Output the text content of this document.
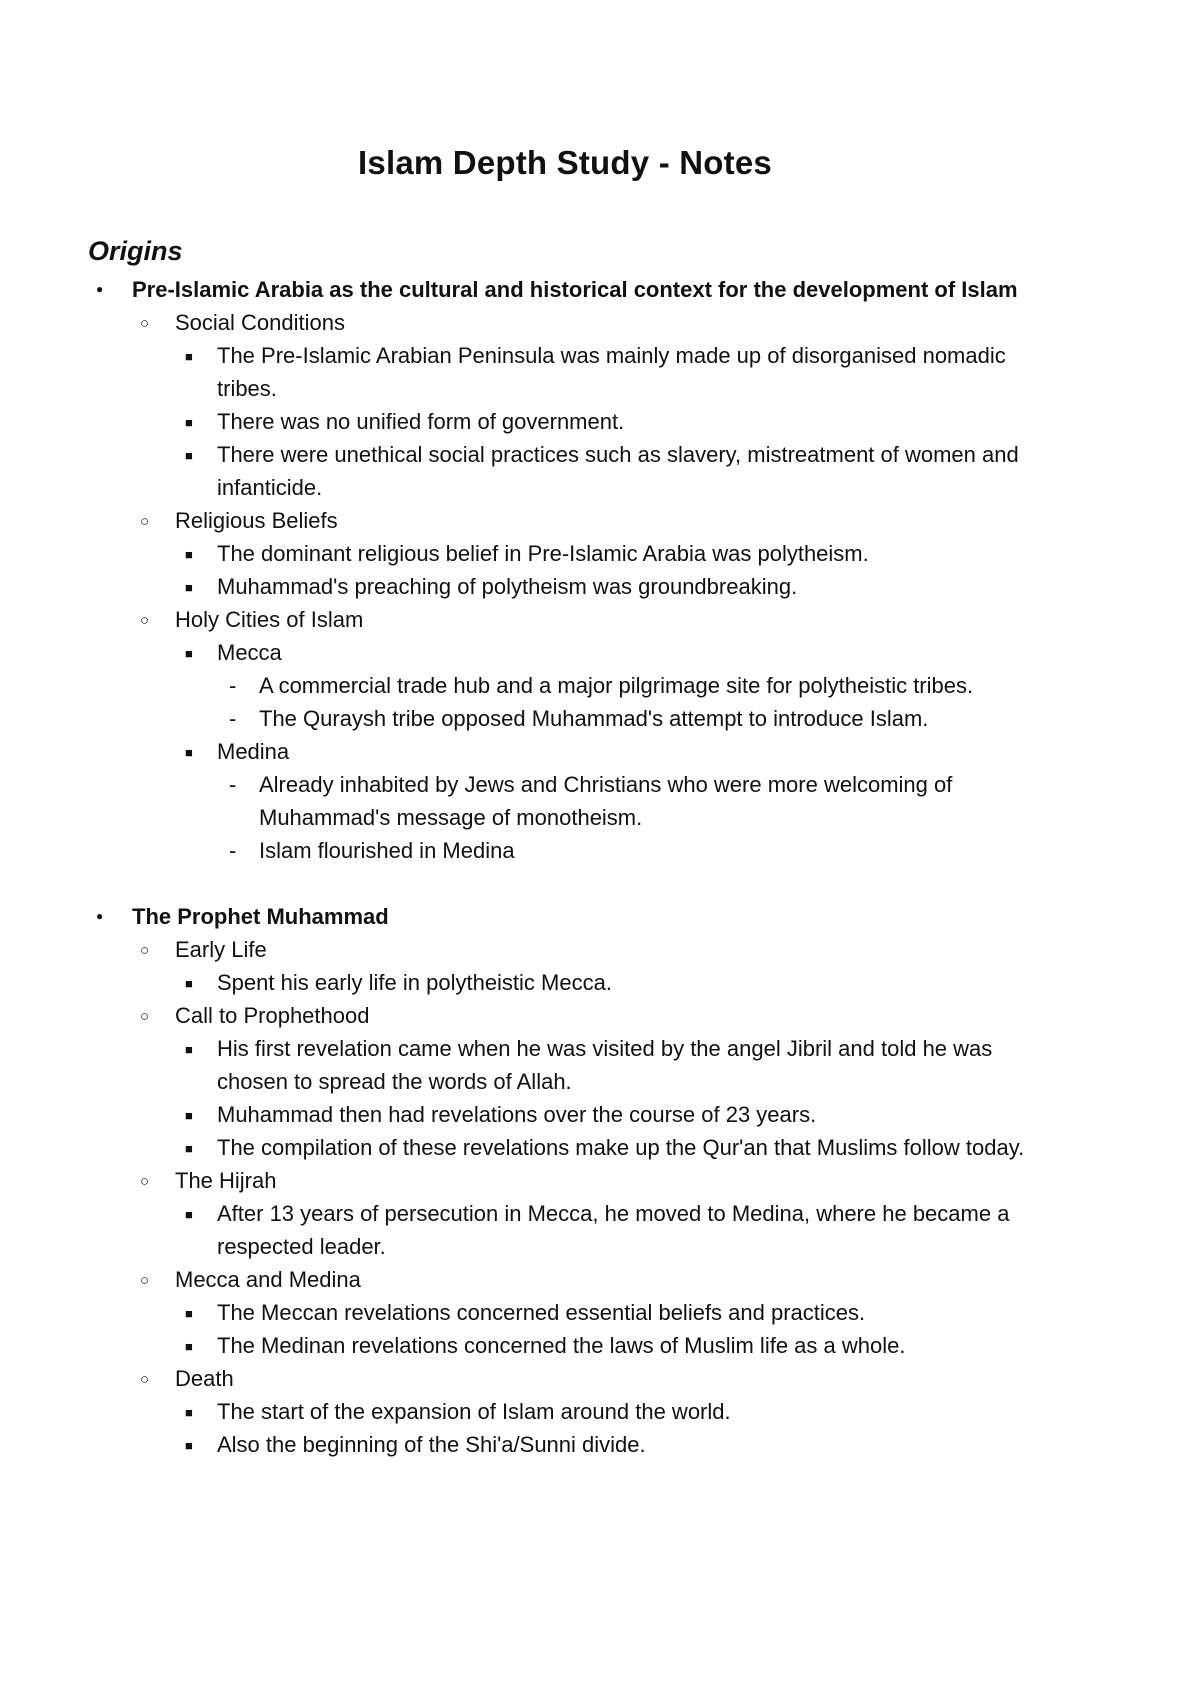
Islam Depth Study - Notes
Origins
● Pre-Islamic Arabia as the cultural and historical context for the development of Islam
○ Social Conditions
■ The Pre-Islamic Arabian Peninsula was mainly made up of disorganised nomadic tribes.
■ There was no unified form of government.
■ There were unethical social practices such as slavery, mistreatment of women and infanticide.
○ Religious Beliefs
■ The dominant religious belief in Pre-Islamic Arabia was polytheism.
■ Muhammad's preaching of polytheism was groundbreaking.
○ Holy Cities of Islam
■ Mecca
- A commercial trade hub and a major pilgrimage site for polytheistic tribes.
- The Quraysh tribe opposed Muhammad's attempt to introduce Islam.
■ Medina
- Already inhabited by Jews and Christians who were more welcoming of Muhammad's message of monotheism.
- Islam flourished in Medina
● The Prophet Muhammad
○ Early Life
■ Spent his early life in polytheistic Mecca.
○ Call to Prophethood
■ His first revelation came when he was visited by the angel Jibril and told he was chosen to spread the words of Allah.
■ Muhammad then had revelations over the course of 23 years.
■ The compilation of these revelations make up the Qur'an that Muslims follow today.
○ The Hijrah
■ After 13 years of persecution in Mecca, he moved to Medina, where he became a respected leader.
○ Mecca and Medina
■ The Meccan revelations concerned essential beliefs and practices.
■ The Medinan revelations concerned the laws of Muslim life as a whole.
○ Death
■ The start of the expansion of Islam around the world.
■ Also the beginning of the Shi'a/Sunni divide.
